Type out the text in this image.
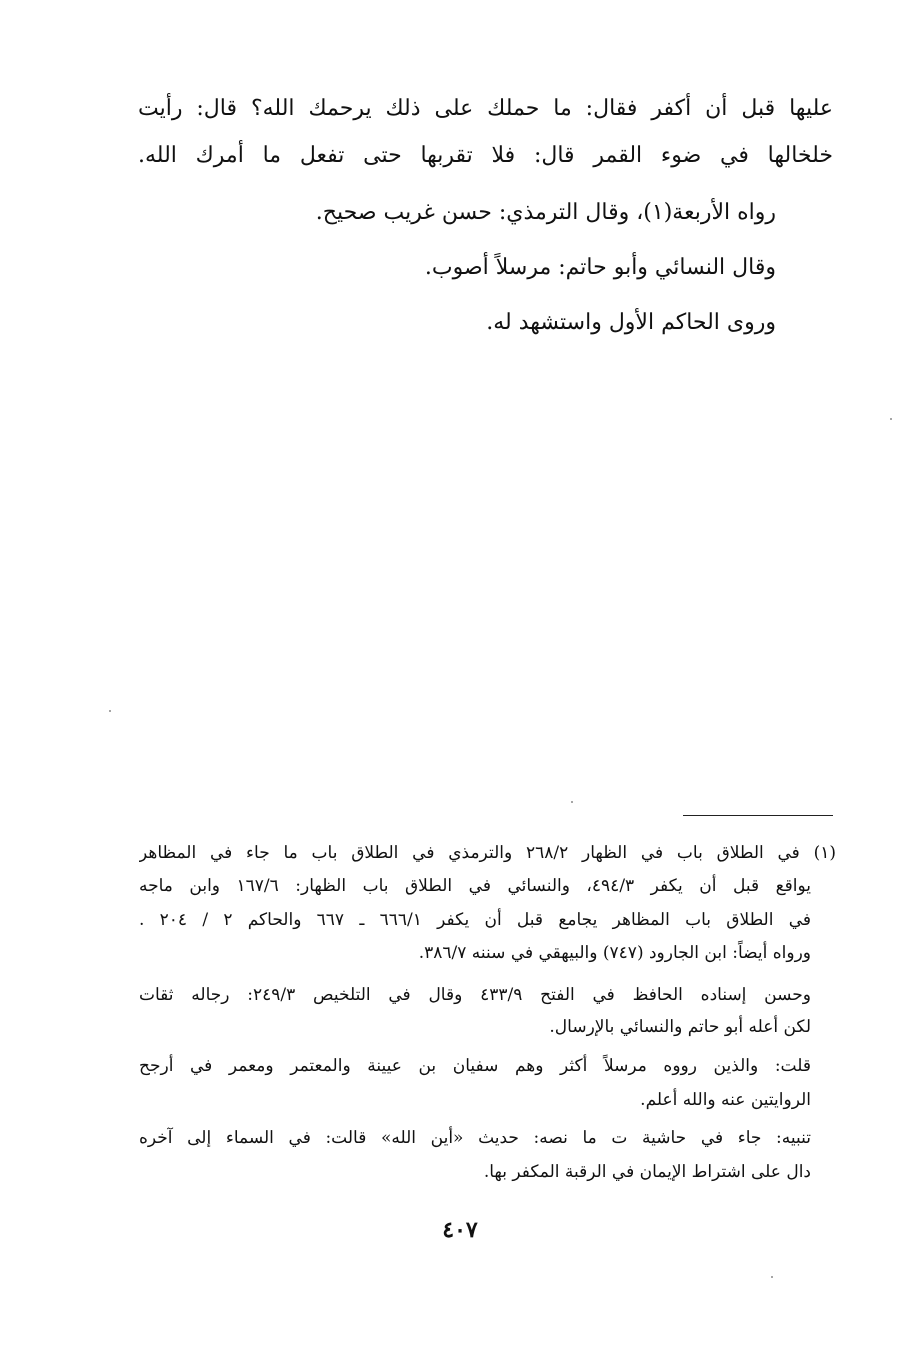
عليها قبل أن أكفر فقال: ما حملك على ذلك يرحمك الله؟ قال: رأيت
خلخالها في ضوء القمر قال: فلا تقربها حتى تفعل ما أمرك الله.
رواه الأربعة(١)، وقال الترمذي: حسن غريب صحيح.
وقال النسائي وأبو حاتم: مرسلاً أصوب.
وروى الحاكم الأول واستشهد له.
(١) في الطلاق باب في الظهار ٢٦٨/٢ والترمذي في الطلاق باب ما جاء في المظاهر
يواقع قبل أن يكفر ٤٩٤/٣، والنسائي في الطلاق باب الظهار: ١٦٧/٦ وابن ماجه
في الطلاق باب المظاهر يجامع قبل أن يكفر ٦٦٦/١ ـ ٦٦٧ والحاكم ٢ / ٢٠٤ .
ورواه أيضاً: ابن الجارود (٧٤٧) والبيهقي في سننه ٣٨٦/٧.
وحسن إسناده الحافظ في الفتح ٤٣٣/٩ وقال في التلخيص ٢٤٩/٣: رجاله ثقات
لكن أعله أبو حاتم والنسائي بالإرسال.
قلت: والذين رووه مرسلاً أكثر وهم سفيان بن عيينة والمعتمر ومعمر في أرجح
الروايتين عنه والله أعلم.
تنبيه: جاء في حاشية ت ما نصه: حديث «أين الله» قالت: في السماء إلى آخره
دال على اشتراط الإيمان في الرقبة المكفر بها.
٤٠٧
